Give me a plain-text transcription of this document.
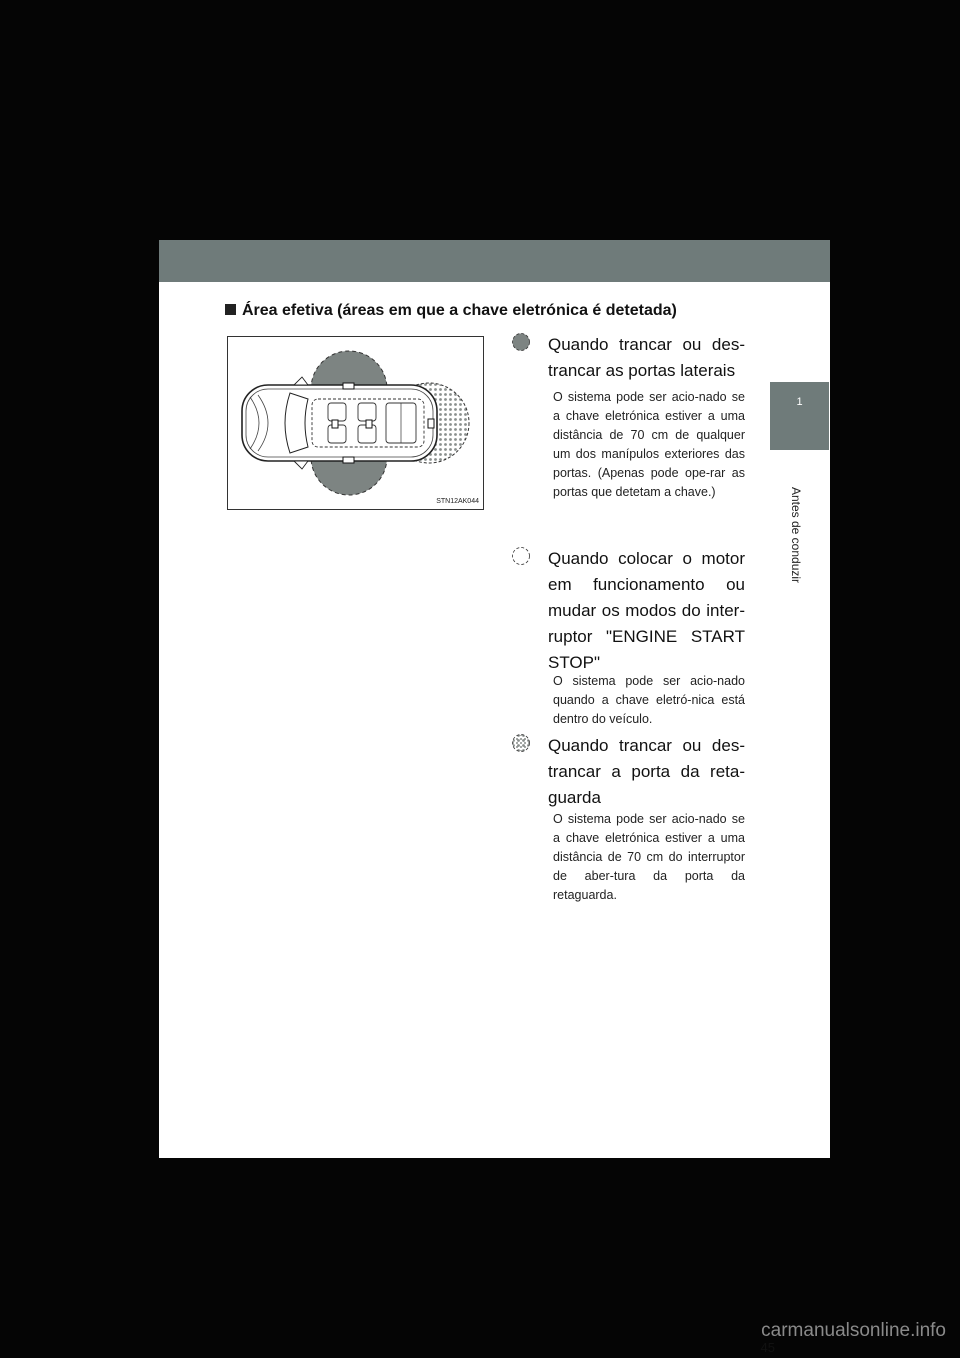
1
Antes de conduzir
Área efetiva (áreas em que a chave eletrónica é detetada)
STN12AK044
Quando trancar ou des-trancar as portas laterais
O sistema pode ser acio-nado se a chave eletrónica estiver a uma distância de 70 cm de qualquer um dos manípulos exteriores das portas. (Apenas pode ope-rar as portas que detetam a chave.)
Quando colocar o motor em funcionamento ou mudar os modos do inter-ruptor "ENGINE START STOP"
O sistema pode ser acio-nado quando a chave eletró-nica está dentro do veículo.
Quando trancar ou des-trancar a porta da reta-guarda
O sistema pode ser acio-nado se a chave eletrónica estiver a uma distância de 70 cm do interruptor de aber-tura da porta da retaguarda.
45
carmanualsonline.info
